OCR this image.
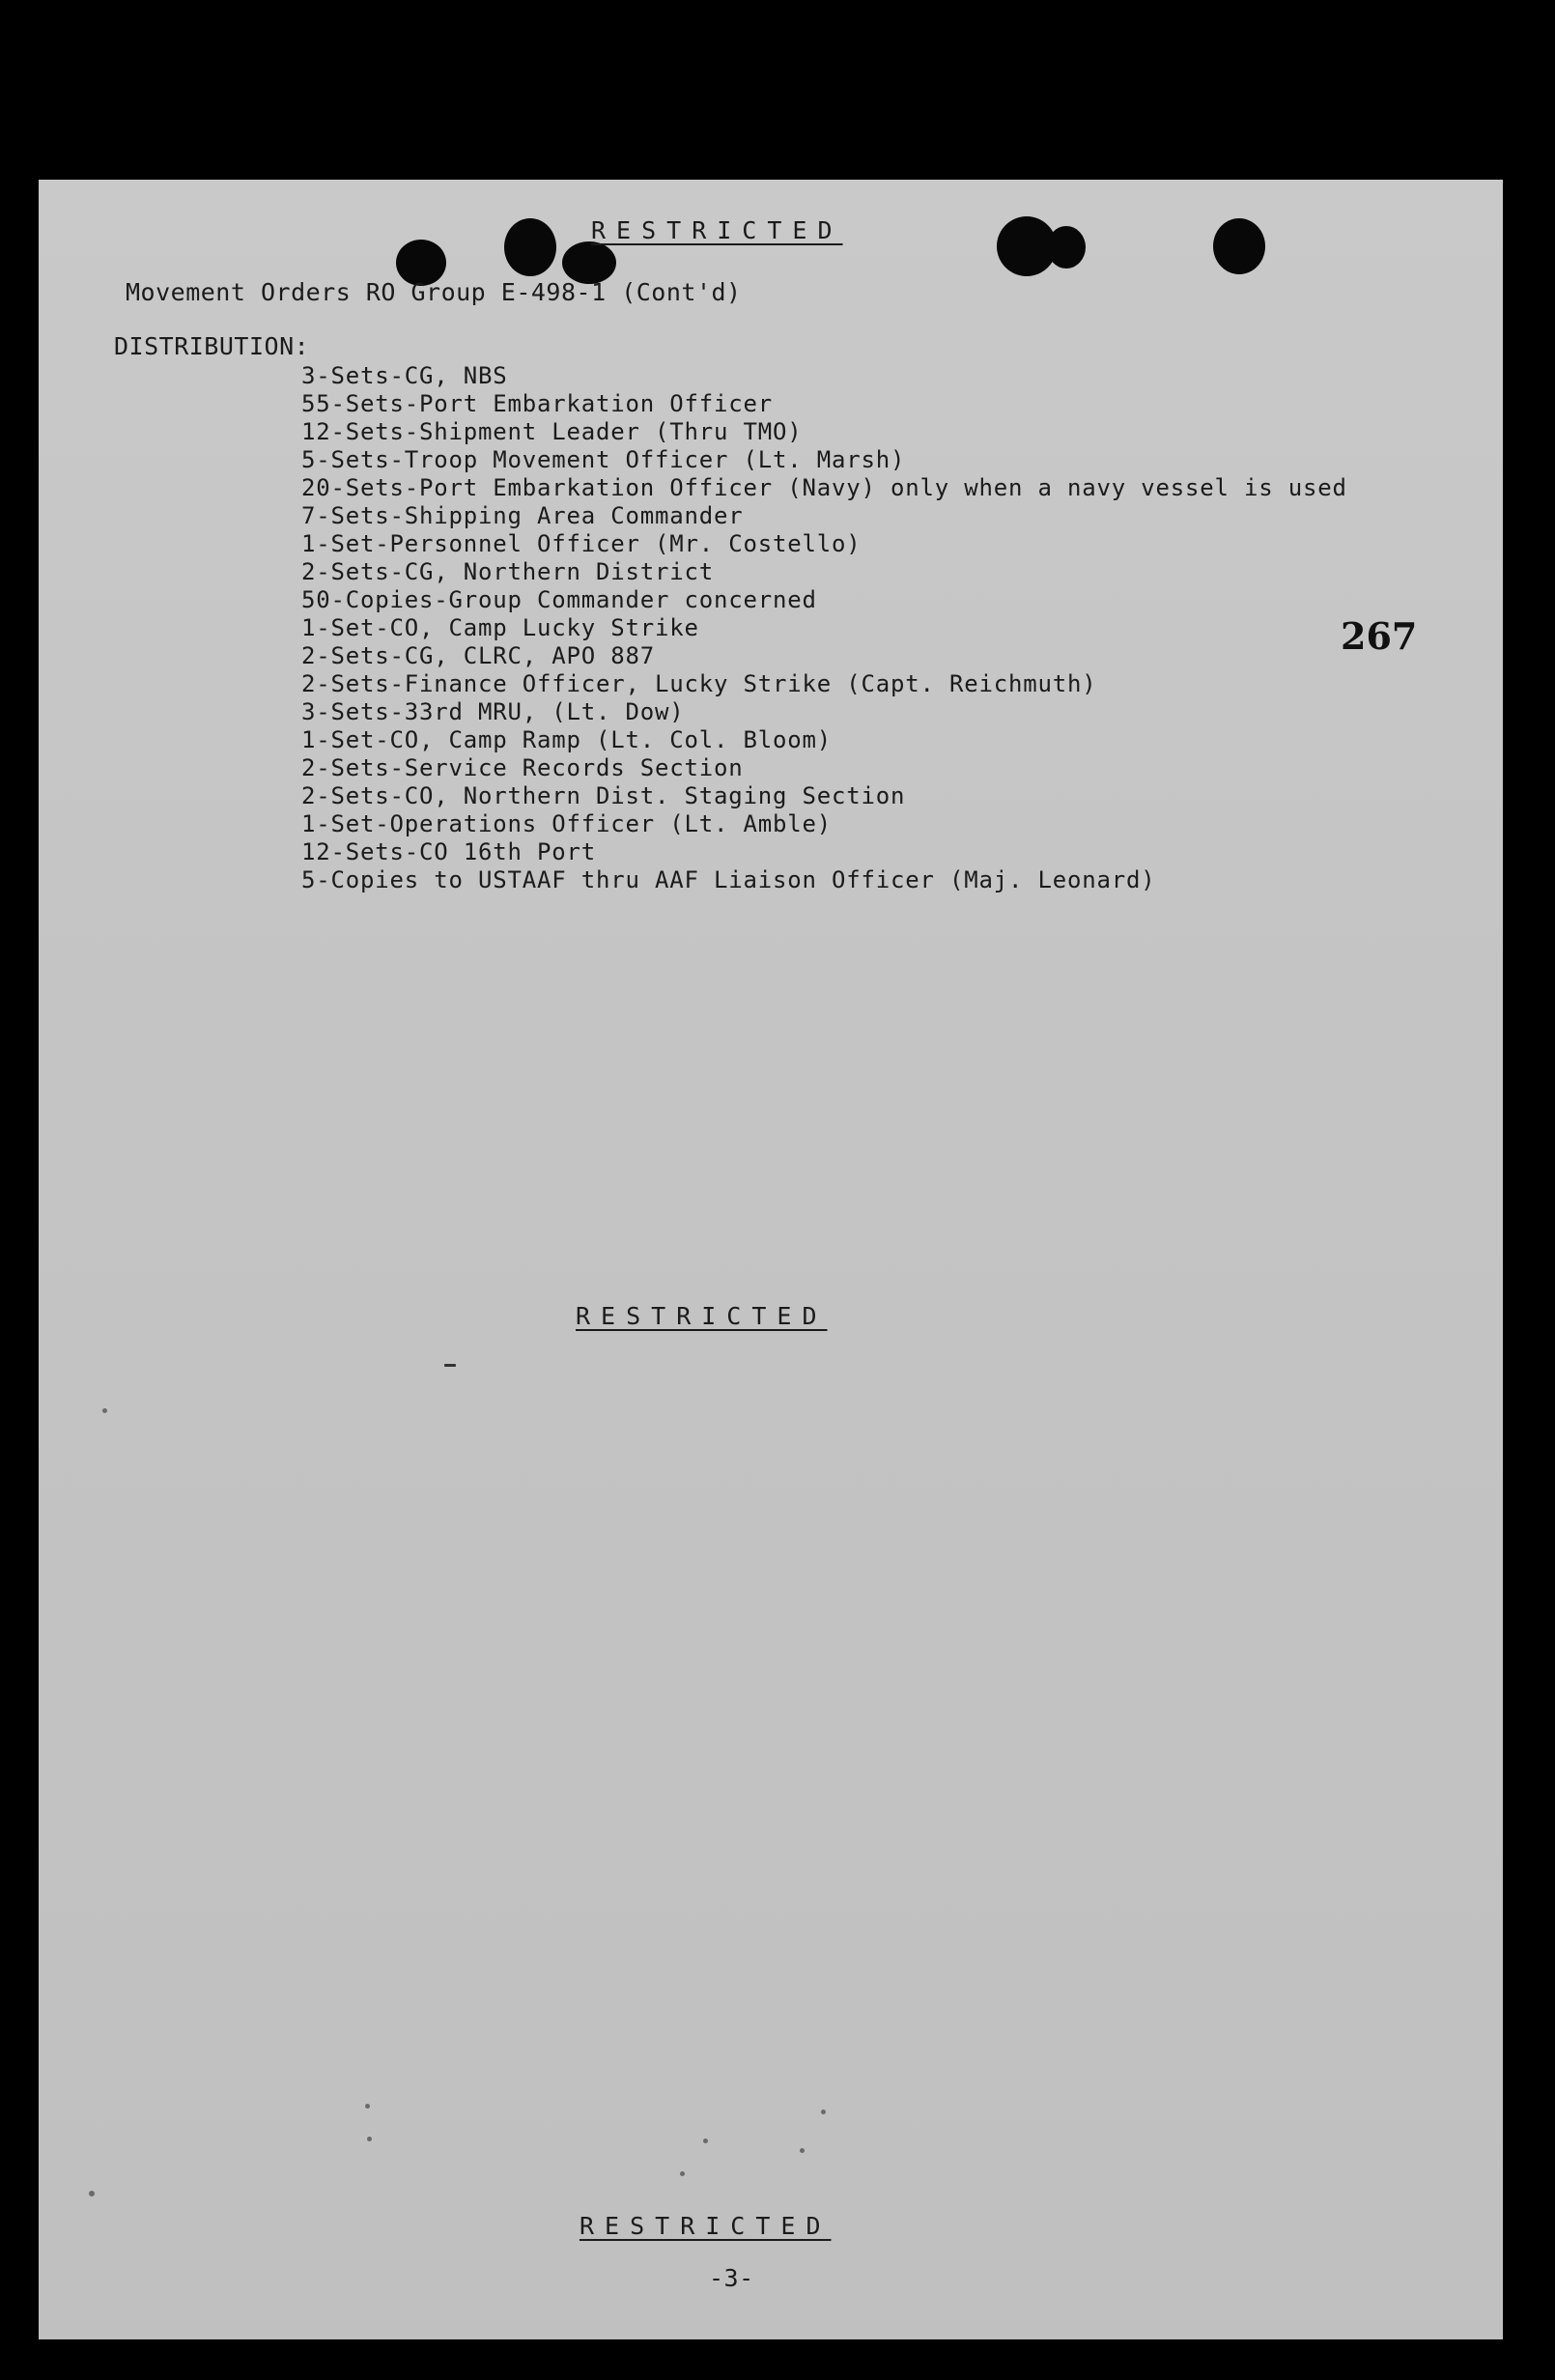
RESTRICTED
Movement Orders RO Group E-498-1 (Cont'd)
DISTRIBUTION:
3-Sets-CG, NBS
55-Sets-Port Embarkation Officer
12-Sets-Shipment Leader (Thru TMO)
5-Sets-Troop Movement Officer (Lt. Marsh)
20-Sets-Port Embarkation Officer (Navy) only when a navy vessel is used
7-Sets-Shipping Area Commander
1-Set-Personnel Officer (Mr. Costello)
2-Sets-CG, Northern District
50-Copies-Group Commander concerned
1-Set-CO, Camp Lucky Strike
2-Sets-CG, CLRC, APO 887
2-Sets-Finance Officer, Lucky Strike (Capt. Reichmuth)
3-Sets-33rd MRU, (Lt. Dow)
1-Set-CO, Camp Ramp (Lt. Col. Bloom)
2-Sets-Service Records Section
2-Sets-CO, Northern Dist. Staging Section
1-Set-Operations Officer (Lt. Amble)
12-Sets-CO 16th Port
5-Copies to USTAAF thru AAF Liaison Officer (Maj. Leonard)
267
RESTRICTED
RESTRICTED
-3-
